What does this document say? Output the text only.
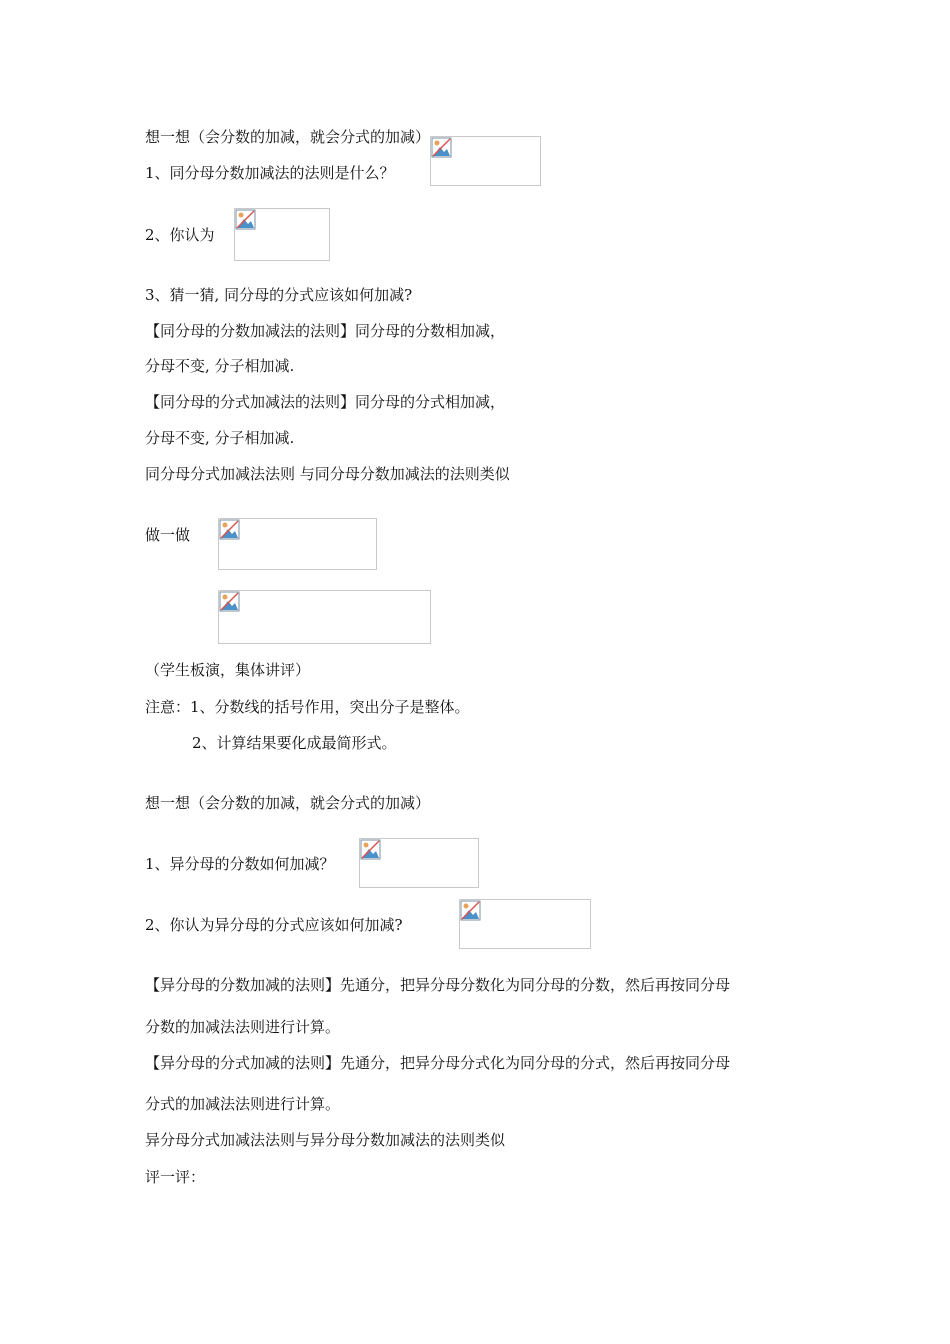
想一想（会分数的加减，就会分式的加减）
1、同分母分数加减法的法则是什么？
2、你认为
3、猜一猜, 同分母的分式应该如何加减?
【同分母的分数加减法的法则】同分母的分数相加减，
分母不变, 分子相加减.
【同分母的分式加减法的法则】同分母的分式相加减，
分母不变, 分子相加减.
同分母分式加减法法则 与同分母分数加减法的法则类似
做一做
（学生板演，集体讲评）
注意：1、分数线的括号作用，突出分子是整体。
2、计算结果要化成最简形式。
想一想（会分数的加减，就会分式的加减）
1、异分母的分数如何加减？
2、你认为异分母的分式应该如何加减?
【异分母的分数加减的法则】先通分，把异分母分数化为同分母的分数，然后再按同分母
分数的加减法法则进行计算。
【异分母的分式加减的法则】先通分，把异分母分式化为同分母的分式，然后再按同分母
分式的加减法法则进行计算。
异分母分式加减法法则与异分母分数加减法的法则类似
评一评：
